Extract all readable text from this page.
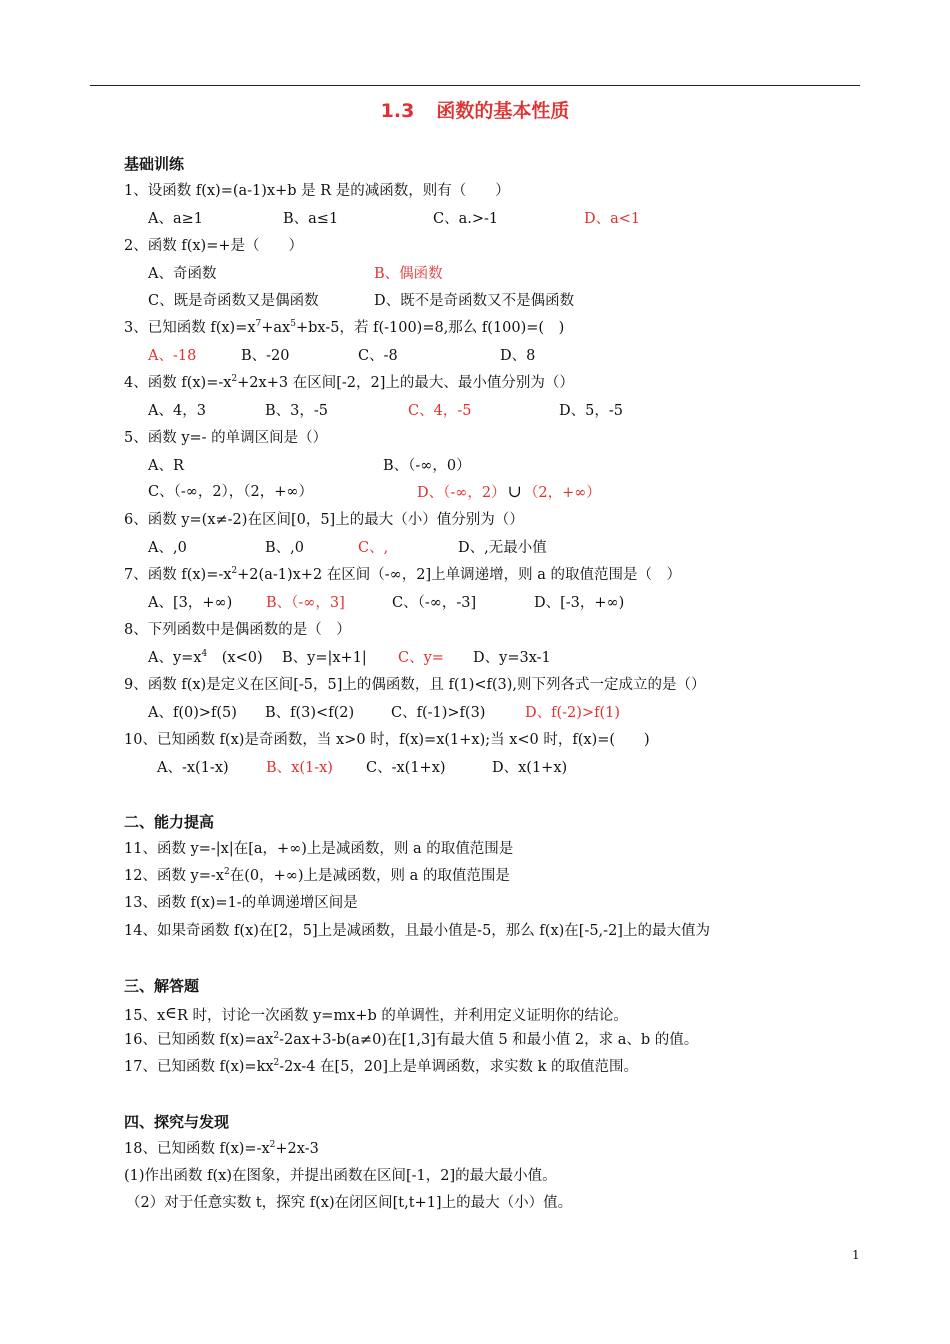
1.3 函数的基本性质
基础训练
1、设函数 f(x)=(a-1)x+b 是 R 是的减函数，则有（　　）
A、a≥1	B、a≤1	C、a.>-1	D、a<1
2、函数 f(x)=+是（　　）
A、奇函数	B、偶函数
C、既是奇函数又是偶函数	D、既不是奇函数又不是偶函数
3、已知函数 $f(x)=x^7+ax^5+bx-5$，若 f(-100)=8,那么 f(100)=(　)
A、-18	B、-20	C、-8	D、8
4、函数 $f(x)=-x^2+2x+3$ 在区间[-2，2]上的最大、最小值分别为（）
A、4，3	B、3，-5	C、4，-5	D、5，-5
5、函数 y=- 的单调区间是（）
A、R	B、（-∞，0）
C、（-∞，2），（2，+∞）	D、（-∞，2） ∪ （2，+∞）
6、函数 y=(x≠-2)在区间[0，5]上的最大（小）值分别为（）
A、,0	B、,0	C、,	D、,无最小值
7、函数 $f(x)=-x^2+2(a-1)x+2$ 在区间（-∞，2]上单调递增，则 a 的取值范围是（　）
A、[3，+∞) B、（-∞，3]	C、（-∞，-3]	D、[-3，+∞)
8、下列函数中是偶函数的是（　）
A、$y=x^4$　(x<0) B、y=|x+1| C、y= D、y=3x-1
9、函数 f(x)是定义在区间[-5，5]上的偶函数，且 f(1)<f(3),则下列各式一定成立的是（）
A、f(0)>f(5) B、f(3)<f(2)	C、f(-1)>f(3)	D、f(-2)>f(1)
10、已知函数 f(x)是奇函数，当 x>0 时，f(x)=x(1+x);当 x<0 时，f(x)=(　　)
A、-x(1-x)	B、x(1-x) C、-x(1+x)	D、x(1+x)
二、能力提高
11、函数 y=-|x|在[a，+∞)上是减函数，则 a 的取值范围是
12、函数 $y=-x^2$在(0，+∞)上是减函数，则 a 的取值范围是
13、函数 f(x)=1-的单调递增区间是
14、如果奇函数 f(x)在[2，5]上是减函数，且最小值是-5，那么 f(x)在[-5,-2]上的最大值为
三、解答题
15、x∈R 时，讨论一次函数 y=mx+b 的单调性，并利用定义证明你的结论。
16、已知函数 $f(x)=ax^2-2ax+3-b(a\ne 0)$在[1,3]有最大值 5 和最小值 2，求 a、b 的值。
17、已知函数 $f(x)=kx^2-2x-4$ 在[5，20]上是单调函数，求实数 k 的取值范围。
四、探究与发现
18、已知函数 $f(x)=-x^2+2x-3$
(1)作出函数 f(x)在图象，并提出函数在区间[-1，2]的最大最小值。
（2）对于任意实数 t，探究 f(x)在闭区间[t,t+1]上的最大（小）值。
1
